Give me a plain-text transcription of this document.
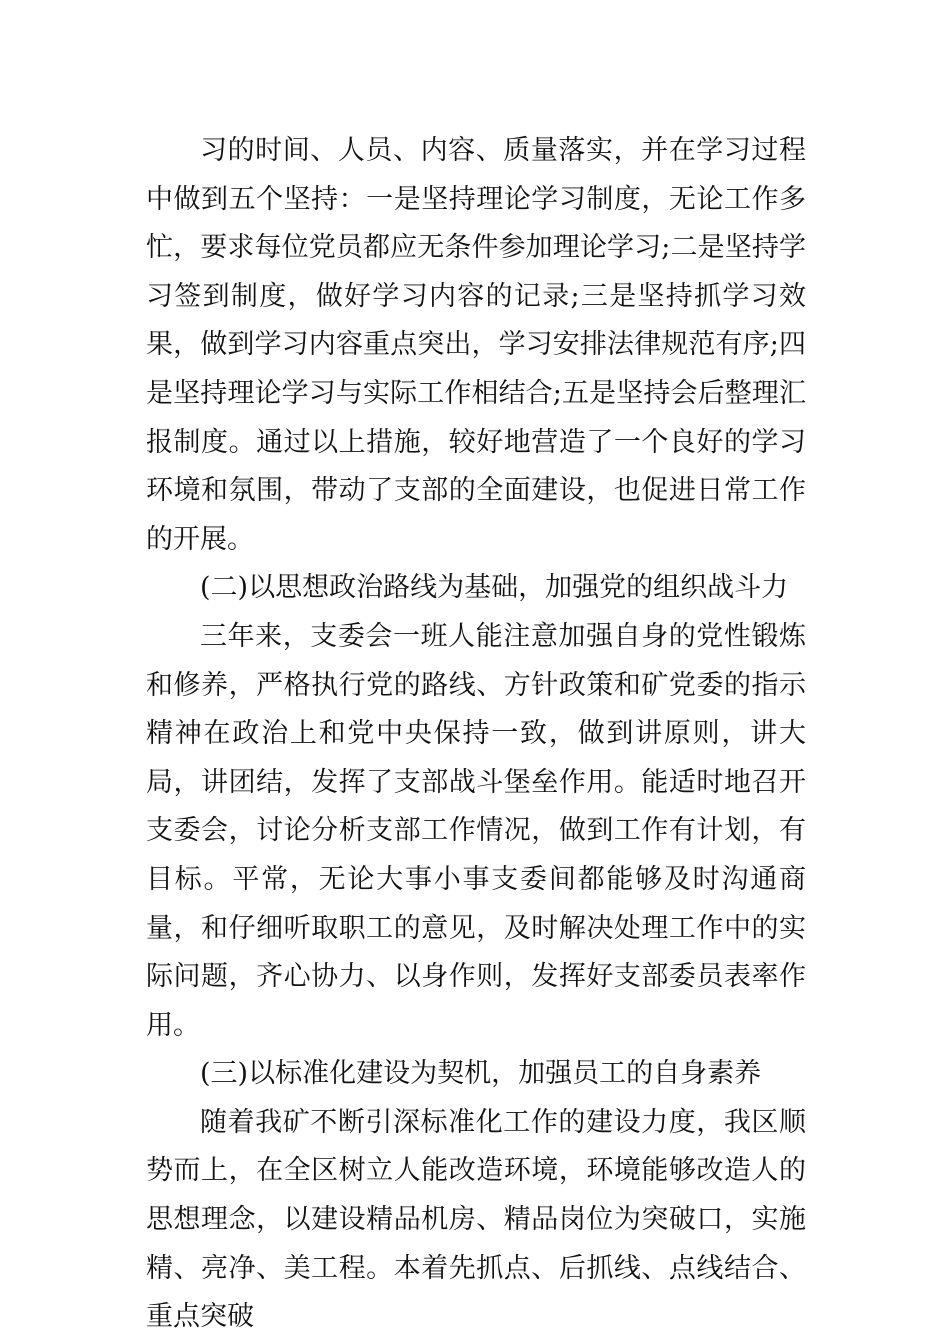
习的时间、人员、内容、质量落实，并在学习过程中做到五个坚持：一是坚持理论学习制度，无论工作多忙，要求每位党员都应无条件参加理论学习;二是坚持学习签到制度，做好学习内容的记录;三是坚持抓学习效果，做到学习内容重点突出，学习安排法律规范有序;四是坚持理论学习与实际工作相结合;五是坚持会后整理汇报制度。通过以上措施，较好地营造了一个良好的学习环境和氛围，带动了支部的全面建设，也促进日常工作的开展。

(二)以思想政治路线为基础，加强党的组织战斗力

三年来，支委会一班人能注意加强自身的党性锻炼和修养，严格执行党的路线、方针政策和矿党委的指示精神在政治上和党中央保持一致，做到讲原则，讲大局，讲团结，发挥了支部战斗堡垒作用。能适时地召开支委会，讨论分析支部工作情况，做到工作有计划，有目标。平常，无论大事小事支委间都能够及时沟通商量，和仔细听取职工的意见，及时解决处理工作中的实际问题，齐心协力、以身作则，发挥好支部委员表率作用。

(三)以标准化建设为契机，加强员工的自身素养

随着我矿不断引深标准化工作的建设力度，我区顺势而上，在全区树立人能改造环境，环境能够改造人的思想理念，以建设精品机房、精品岗位为突破口，实施精、亮净、美工程。本着先抓点、后抓线、点线结合、重点突破
